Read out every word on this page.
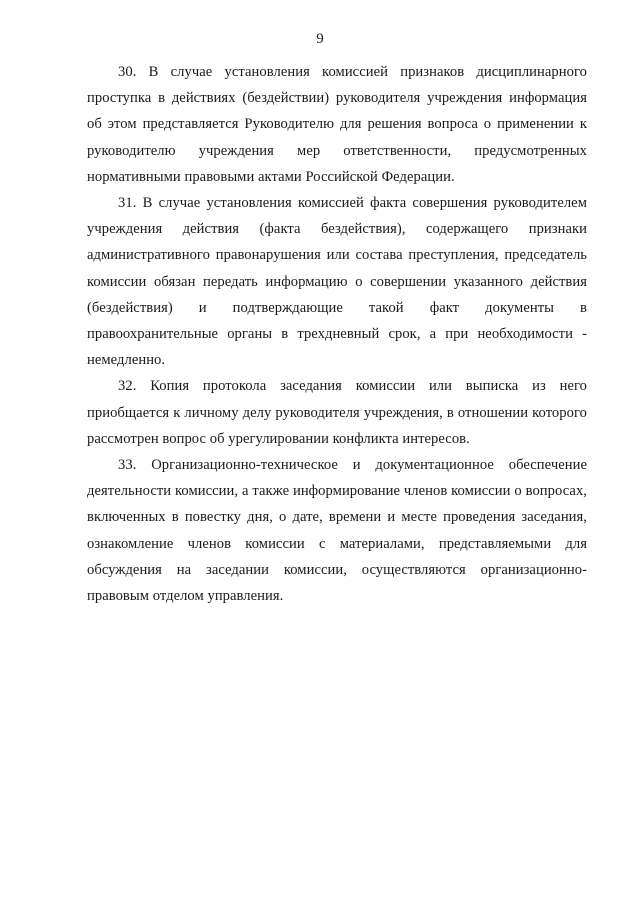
9

30. В случае установления комиссией признаков дисциплинарного проступка в действиях (бездействии) руководителя учреждения информация об этом представляется Руководителю для решения вопроса о применении к руководителю учреждения мер ответственности, предусмотренных нормативными правовыми актами Российской Федерации.

31. В случае установления комиссией факта совершения руководителем учреждения действия (факта бездействия), содержащего признаки административного правонарушения или состава преступления, председатель комиссии обязан передать информацию о совершении указанного действия (бездействия) и подтверждающие такой факт документы в правоохранительные органы в трехдневный срок, а при необходимости - немедленно.

32. Копия протокола заседания комиссии или выписка из него приобщается к личному делу руководителя учреждения, в отношении которого рассмотрен вопрос об урегулировании конфликта интересов.

33. Организационно-техническое и документационное обеспечение деятельности комиссии, а также информирование членов комиссии о вопросах, включенных в повестку дня, о дате, времени и месте проведения заседания, ознакомление членов комиссии с материалами, представляемыми для обсуждения на заседании комиссии, осуществляются организационно-правовым отделом управления.
